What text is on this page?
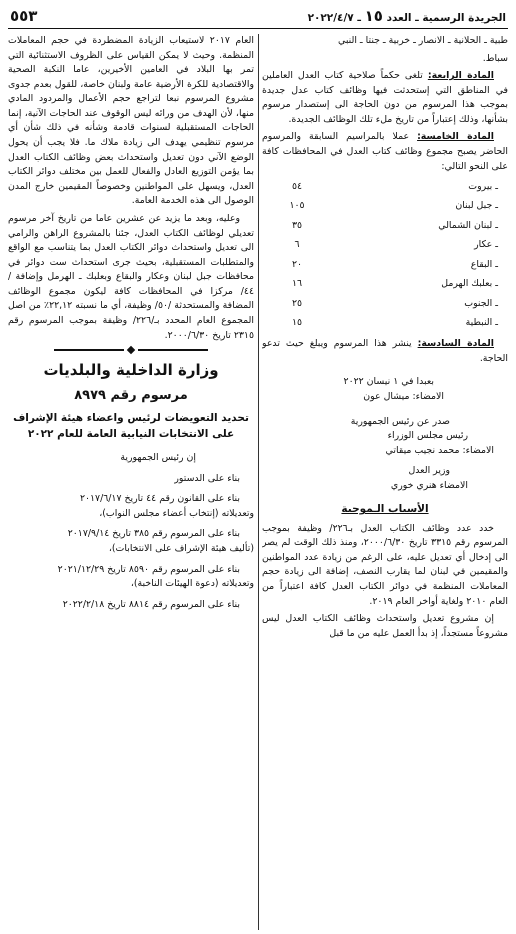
الجريدة الرسمية ـ العدد ١٥ ـ ٢٠٢٢/٤/٧
٥٥٣

طبية ـ الحلانية ـ الانصار ـ خربية ـ جنتا ـ النبي

سباط.

المادة الرابعة: تلغى حكماً صلاحية كتاب العدل العاملين في المناطق التي إستحدثت فيها وظائف كتاب عدل جديدة بموجب هذا المرسوم من دون الحاجة الى إستصدار مرسوم بشأنها، وذلك إعتباراً من تاريخ ملء تلك الوظائف الجديدة.

المادة الخامسة: عملا بالمراسيم السابقة والمرسوم الحاضر يصبح مجموع وظائف كتاب العدل في المحافظات كافة على النحو التالي:

ـ بيروت
٥٤
ـ جبل لبنان
١٠٥
ـ لبنان الشمالي
٣٥
ـ عكار
٦
ـ البقاع
٢٠
ـ بعلبك الهرمل
١٦
ـ الجنوب
٢٥
ـ النبطية
١٥

المادة السادسة: ينشر هذا المرسوم ويبلغ حيث تدعو الحاجة.

بعبدا في ١ نيسان ٢٠٢٢
الامضاء: ميشال عون
صدر عن رئيس الجمهورية
رئيس مجلس الوزراء
الامضاء: محمد نجيب ميقاتي
وزير العدل
الامضاء هنري خوري
الأسباب الـموجبة

خدد عدد وظائف الكتاب العدل بـ٢٢٦/ وظيفة بموجب المرسوم رقم ٣٣١٥ تاريخ ٢٠٠٠/٦/٣٠، ومنذ ذلك الوقت لم يصر الى إدخال أي تعديل عليه، على الرغم من زيادة عدد المواطنين والمقيمين في لبنان لما يقارب النصف، إضافة الى زيادة حجم المعاملات المنظمة في دوائر الكتاب العدل كافة اعتباراً من العام ٢٠١٠ ولغاية أواخر العام ٢٠١٩.

إن مشروع تعديل واستحداث وظائف الكتاب العدل ليس مشروعاً مستجداً، إذ بدأ العمل عليه من ما قبل

العام ٢٠١٧ لاستيعاب الزيادة المضطردة في حجم المعاملات المنظمة. وحيث لا يمكن القياس على الظروف الاستثنائية التي تمر بها البلاد في العامين الأخيرين، عاما النكبة الصحية والاقتصادية للكرة الأرضية عامة ولبنان خاصة، للقول بعدم جدوى مشروع المرسوم نبعا لتراجع حجم الأعمال والمردود المادي منها، لأن الهدف من ورائه ليس الوقوف عند الحاجات الآنية، إنما الحاجات المستقبلية لسنوات قادمة وشأنه في ذلك شأن أي مرسوم تنظيمي يهدف الى زيادة ملاك ما. فلا يجب أن يحول الوضع الآني دون تعديل واستحداث بعض وظائف الكتاب العدل بما يؤمن التوزيع العادل والفعال للعمل بين مختلف دوائر الكتاب العدل، ويسهل على المواطنين وخصوصاً المقيمين خارج المدن الوصول الى هذه الخدمة العامة.

وعليه، وبعد ما يزيد عن عشرين عاما من تاريخ آخر مرسوم تعديلي لوظائف الكتاب العدل، جئنا بالمشروع الراهن والرامي الى تعديل واستحداث دوائر الكتاب العدل بما يتناسب مع الواقع والمتطلبات المستقبلية، بحيث جرى استحداث ست دوائر في محافظات جبل لبنان وعكار والبقاع وبعلبك ـ الهرمل وإضافة /٤٤/ مركزا في المحافظات كافة ليكون مجموع الوظائف المضافة والمستحدثة /٥٠/ وظيفة، أي ما نسبته ٢٢,١٢٪ من اصل المجموع العام المحدد بـ/٢٢٦/ وظيفة بموجب المرسوم رقم ٢٣١٥ تاريخ ٢٠٠٠/٦/٣٠.

وزارة الداخلية والبلديات
مرسوم رقم ٨٩٧٩
تحديد التعويضات لرئيس واعضاء هيئة الإشراف
على الانتخابات النيابية العامة للعام ٢٠٢٢
إن رئيس الجمهورية
بناء على الدستور
بناء على القانون رقم ٤٤ تاريخ ٢٠١٧/٦/١٧
وتعديلاته (إنتخاب أعضاء مجلس النواب)،
بناء على المرسوم رقم ٣٨٥ تاريخ ٢٠١٧/٩/١٤
(تأليف هيئة الإشراف على الانتخابات)،
بناء على المرسوم رقم ٨٥٩٠ تاريخ ٢٠٢١/١٢/٢٩
وتعديلاته (دعوة الهيئات الناخبة)،
بناء على المرسوم رقم ٨٨١٤ تاريخ ٢٠٢٢/٢/١٨
